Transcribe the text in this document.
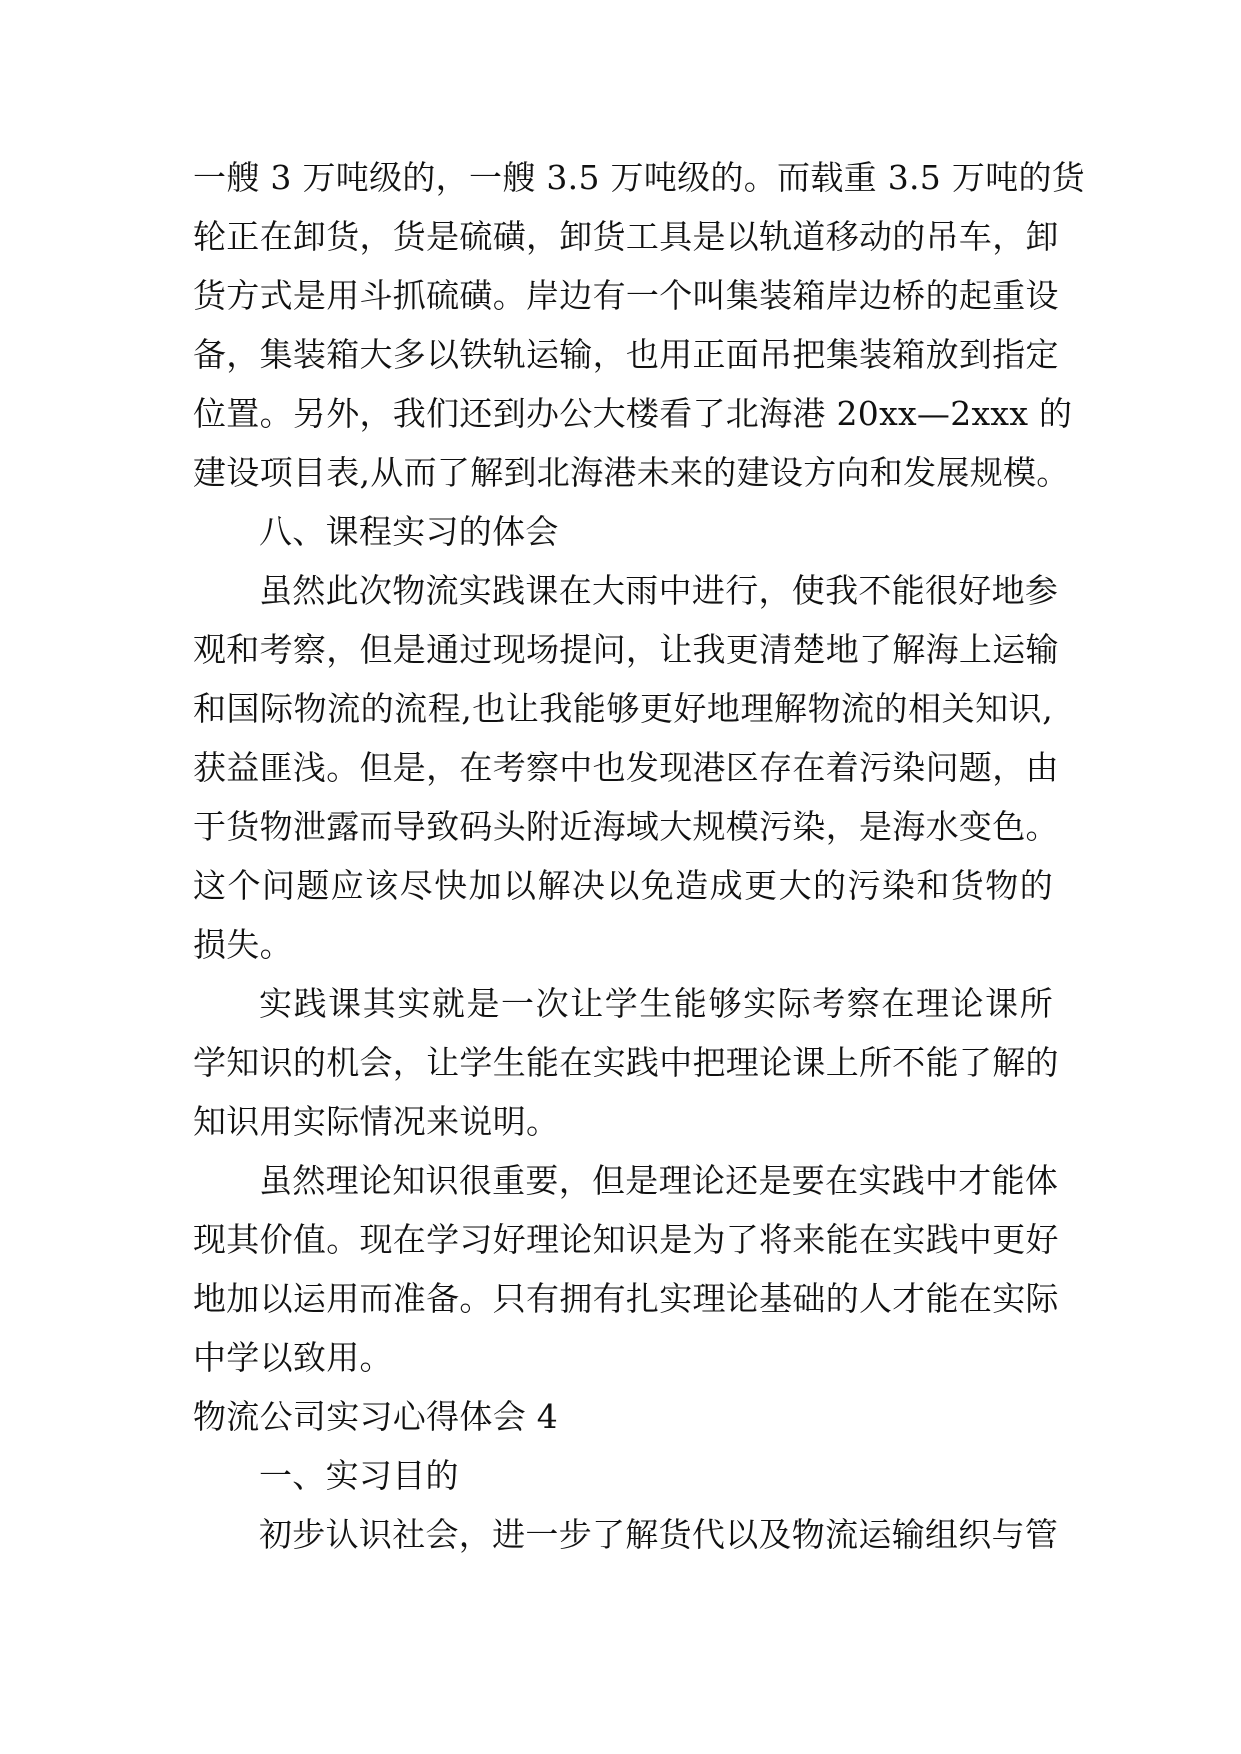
一艘 3 万吨级的，一艘 3.5 万吨级的。而载重 3.5 万吨的货
轮正在卸货，货是硫磺，卸货工具是以轨道移动的吊车，卸
货方式是用斗抓硫磺。岸边有一个叫集装箱岸边桥的起重设
备，集装箱大多以铁轨运输，也用正面吊把集装箱放到指定
位置。另外，我们还到办公大楼看了北海港 20xx—2xxx 的
建设项目表,从而了解到北海港未来的建设方向和发展规模。
八、课程实习的体会
虽然此次物流实践课在大雨中进行，使我不能很好地参
观和考察，但是通过现场提问，让我更清楚地了解海上运输
和国际物流的流程,也让我能够更好地理解物流的相关知识,
获益匪浅。但是，在考察中也发现港区存在着污染问题，由
于货物泄露而导致码头附近海域大规模污染，是海水变色。
这个问题应该尽快加以解决以免造成更大的污染和货物的
损失。
实践课其实就是一次让学生能够实际考察在理论课所
学知识的机会，让学生能在实践中把理论课上所不能了解的
知识用实际情况来说明。
虽然理论知识很重要，但是理论还是要在实践中才能体
现其价值。现在学习好理论知识是为了将来能在实践中更好
地加以运用而准备。只有拥有扎实理论基础的人才能在实际
中学以致用。
物流公司实习心得体会 4
一、实习目的
初步认识社会，进一步了解货代以及物流运输组织与管
